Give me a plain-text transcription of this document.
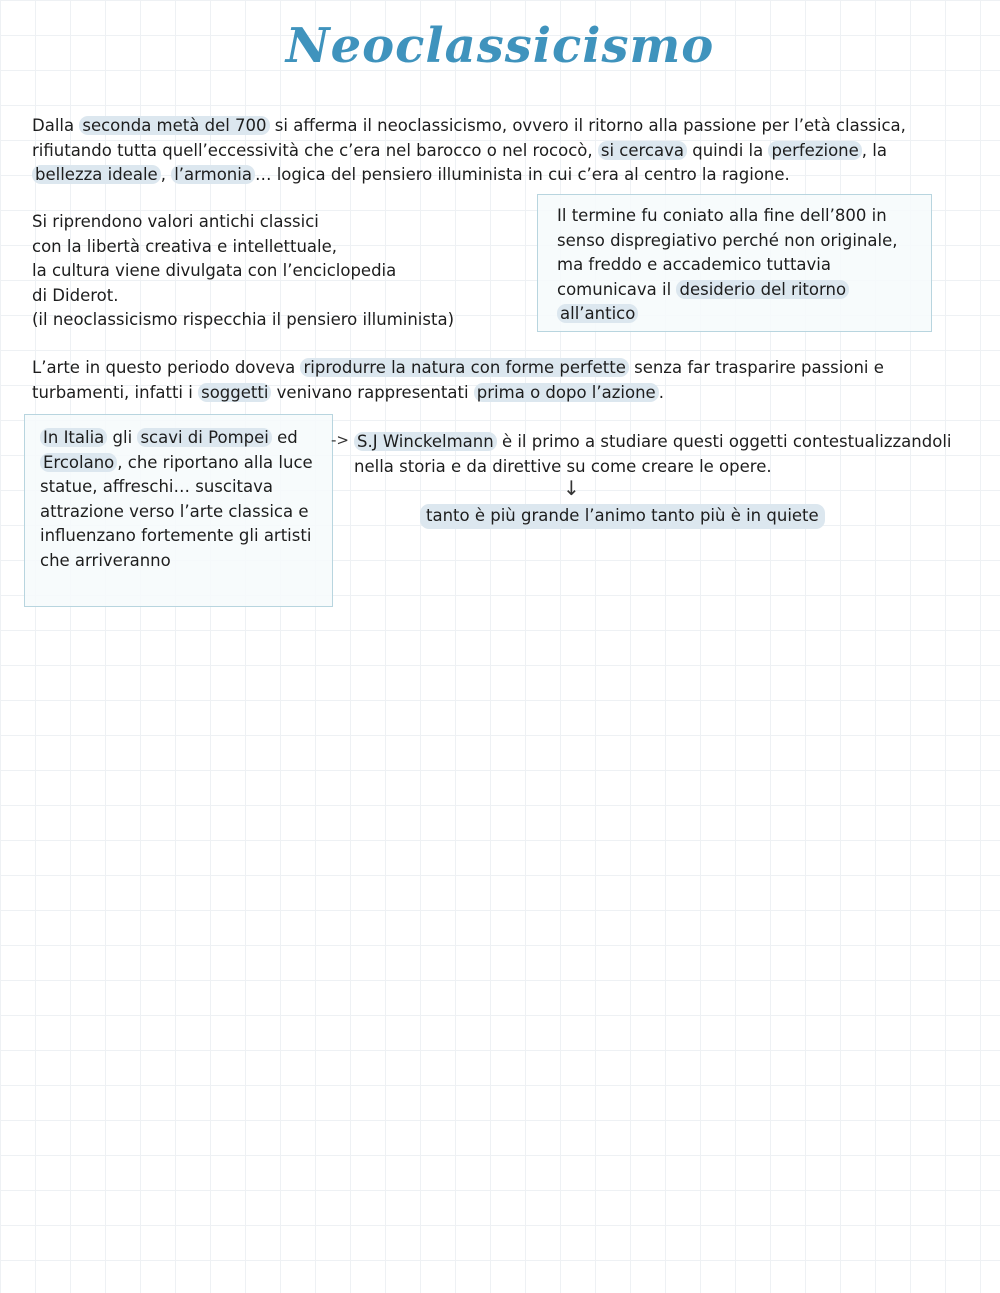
Neoclassicismo
Dalla seconda metà del 700 si afferma il neoclassicismo, ovvero il ritorno alla passione per l’età classica,
rifiutando tutta quell’eccessività che c’era nel barocco o nel rococò, si cercava quindi la perfezione , la
bellezza ideale , l’armonia … logica del pensiero illuminista in cui c’era al centro la ragione.
Si riprendono valori antichi classici
con la libertà creativa e intellettuale,
la cultura viene divulgata con l’enciclopedia
di Diderot.
(il neoclassicismo rispecchia il pensiero illuminista)
Il termine fu coniato alla fine dell’800 in
senso dispregiativo perché non originale,
ma freddo e accademico tuttavia
comunicava il desiderio del ritorno
all’antico
L’arte in questo periodo doveva riprodurre la natura con forme perfette senza far trasparire passioni e
turbamenti, infatti i soggetti venivano rappresentati prima o dopo l’azione .
In Italia gli scavi di Pompei ed
Ercolano , che riportano alla luce
statue, affreschi… suscitava
attrazione verso l’arte classica e
influenzano fortemente gli artisti
che arriveranno
-> S.J Winckelmann è il primo a studiare questi oggetti contestualizzandoli
nella storia e da direttive su come creare le opere.
↓
tanto è più grande l’animo tanto più è in quiete
